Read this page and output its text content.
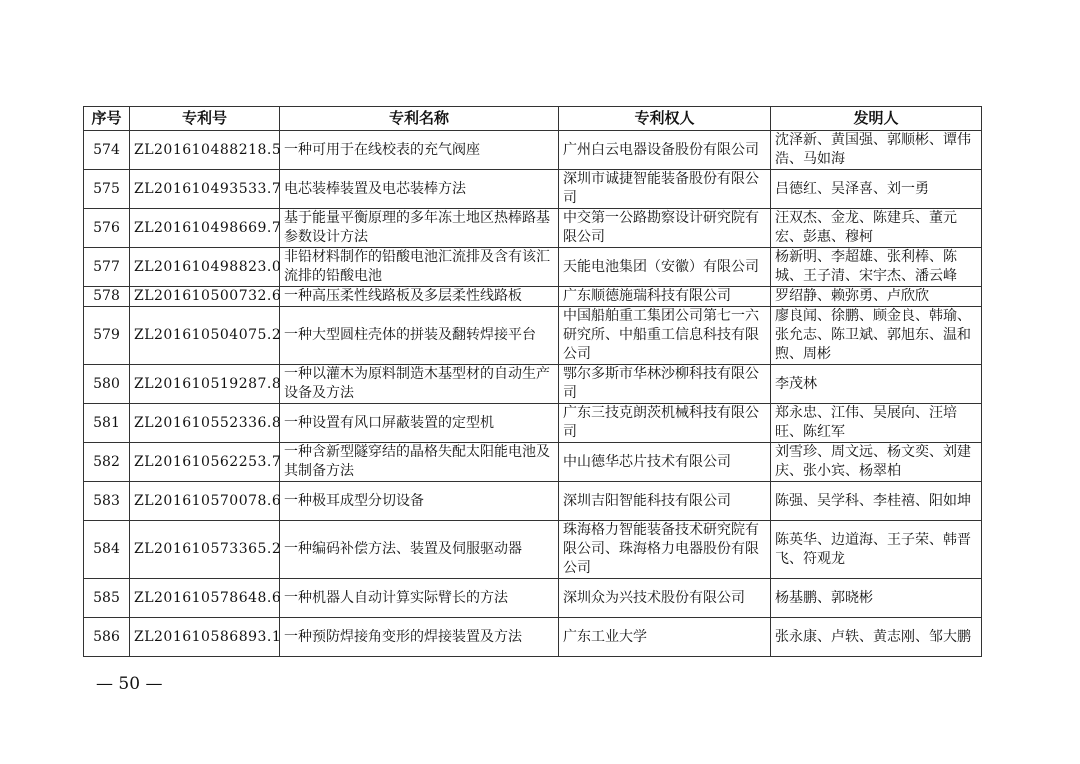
序号	专利号	专利名称	专利权人	发明人
574	ZL201610488218.5	一种可用于在线校表的充气阀座	广州白云电器设备股份有限公司	沈泽新、黄国强、郭顺彬、谭伟浩、马如海
575	ZL201610493533.7	电芯装棒装置及电芯装棒方法	深圳市诚捷智能装备股份有限公司	吕德红、吴泽喜、刘一勇
576	ZL201610498669.7	基于能量平衡原理的多年冻土地区热棒路基参数设计方法	中交第一公路勘察设计研究院有限公司	汪双杰、金龙、陈建兵、董元宏、彭惠、穆柯
577	ZL201610498823.0	非铅材料制作的铅酸电池汇流排及含有该汇流排的铅酸电池	天能电池集团（安徽）有限公司	杨新明、李超雄、张利棒、陈城、王子清、宋宇杰、潘云峰
578	ZL201610500732.6	一种高压柔性线路板及多层柔性线路板	广东顺德施瑞科技有限公司	罗绍静、赖弥勇、卢欣欣
579	ZL201610504075.2	一种大型圆柱壳体的拼装及翻转焊接平台	中国船舶重工集团公司第七一六研究所、中船重工信息科技有限公司	廖良闻、徐鹏、顾金良、韩瑜、张允志、陈卫斌、郭旭东、温和煦、周彬
580	ZL201610519287.8	一种以灌木为原料制造木基型材的自动生产设备及方法	鄂尔多斯市华林沙柳科技有限公司	李茂林
581	ZL201610552336.8	一种设置有风口屏蔽装置的定型机	广东三技克朗茨机械科技有限公司	郑永忠、江伟、吴展向、汪培旺、陈红军
582	ZL201610562253.7	一种含新型隧穿结的晶格失配太阳能电池及其制备方法	中山德华芯片技术有限公司	刘雪珍、周文远、杨文奕、刘建庆、张小宾、杨翠柏
583	ZL201610570078.6	一种极耳成型分切设备	深圳吉阳智能科技有限公司	陈强、吴学科、李桂禧、阳如坤
584	ZL201610573365.2	一种编码补偿方法、装置及伺服驱动器	珠海格力智能装备技术研究院有限公司、珠海格力电器股份有限公司	陈英华、边道海、王子荣、韩晋飞、符观龙
585	ZL201610578648.6	一种机器人自动计算实际臂长的方法	深圳众为兴技术股份有限公司	杨基鹏、郭晓彬
586	ZL201610586893.1	一种预防焊接角变形的焊接装置及方法	广东工业大学	张永康、卢轶、黄志刚、邹大鹏
— 50 —
